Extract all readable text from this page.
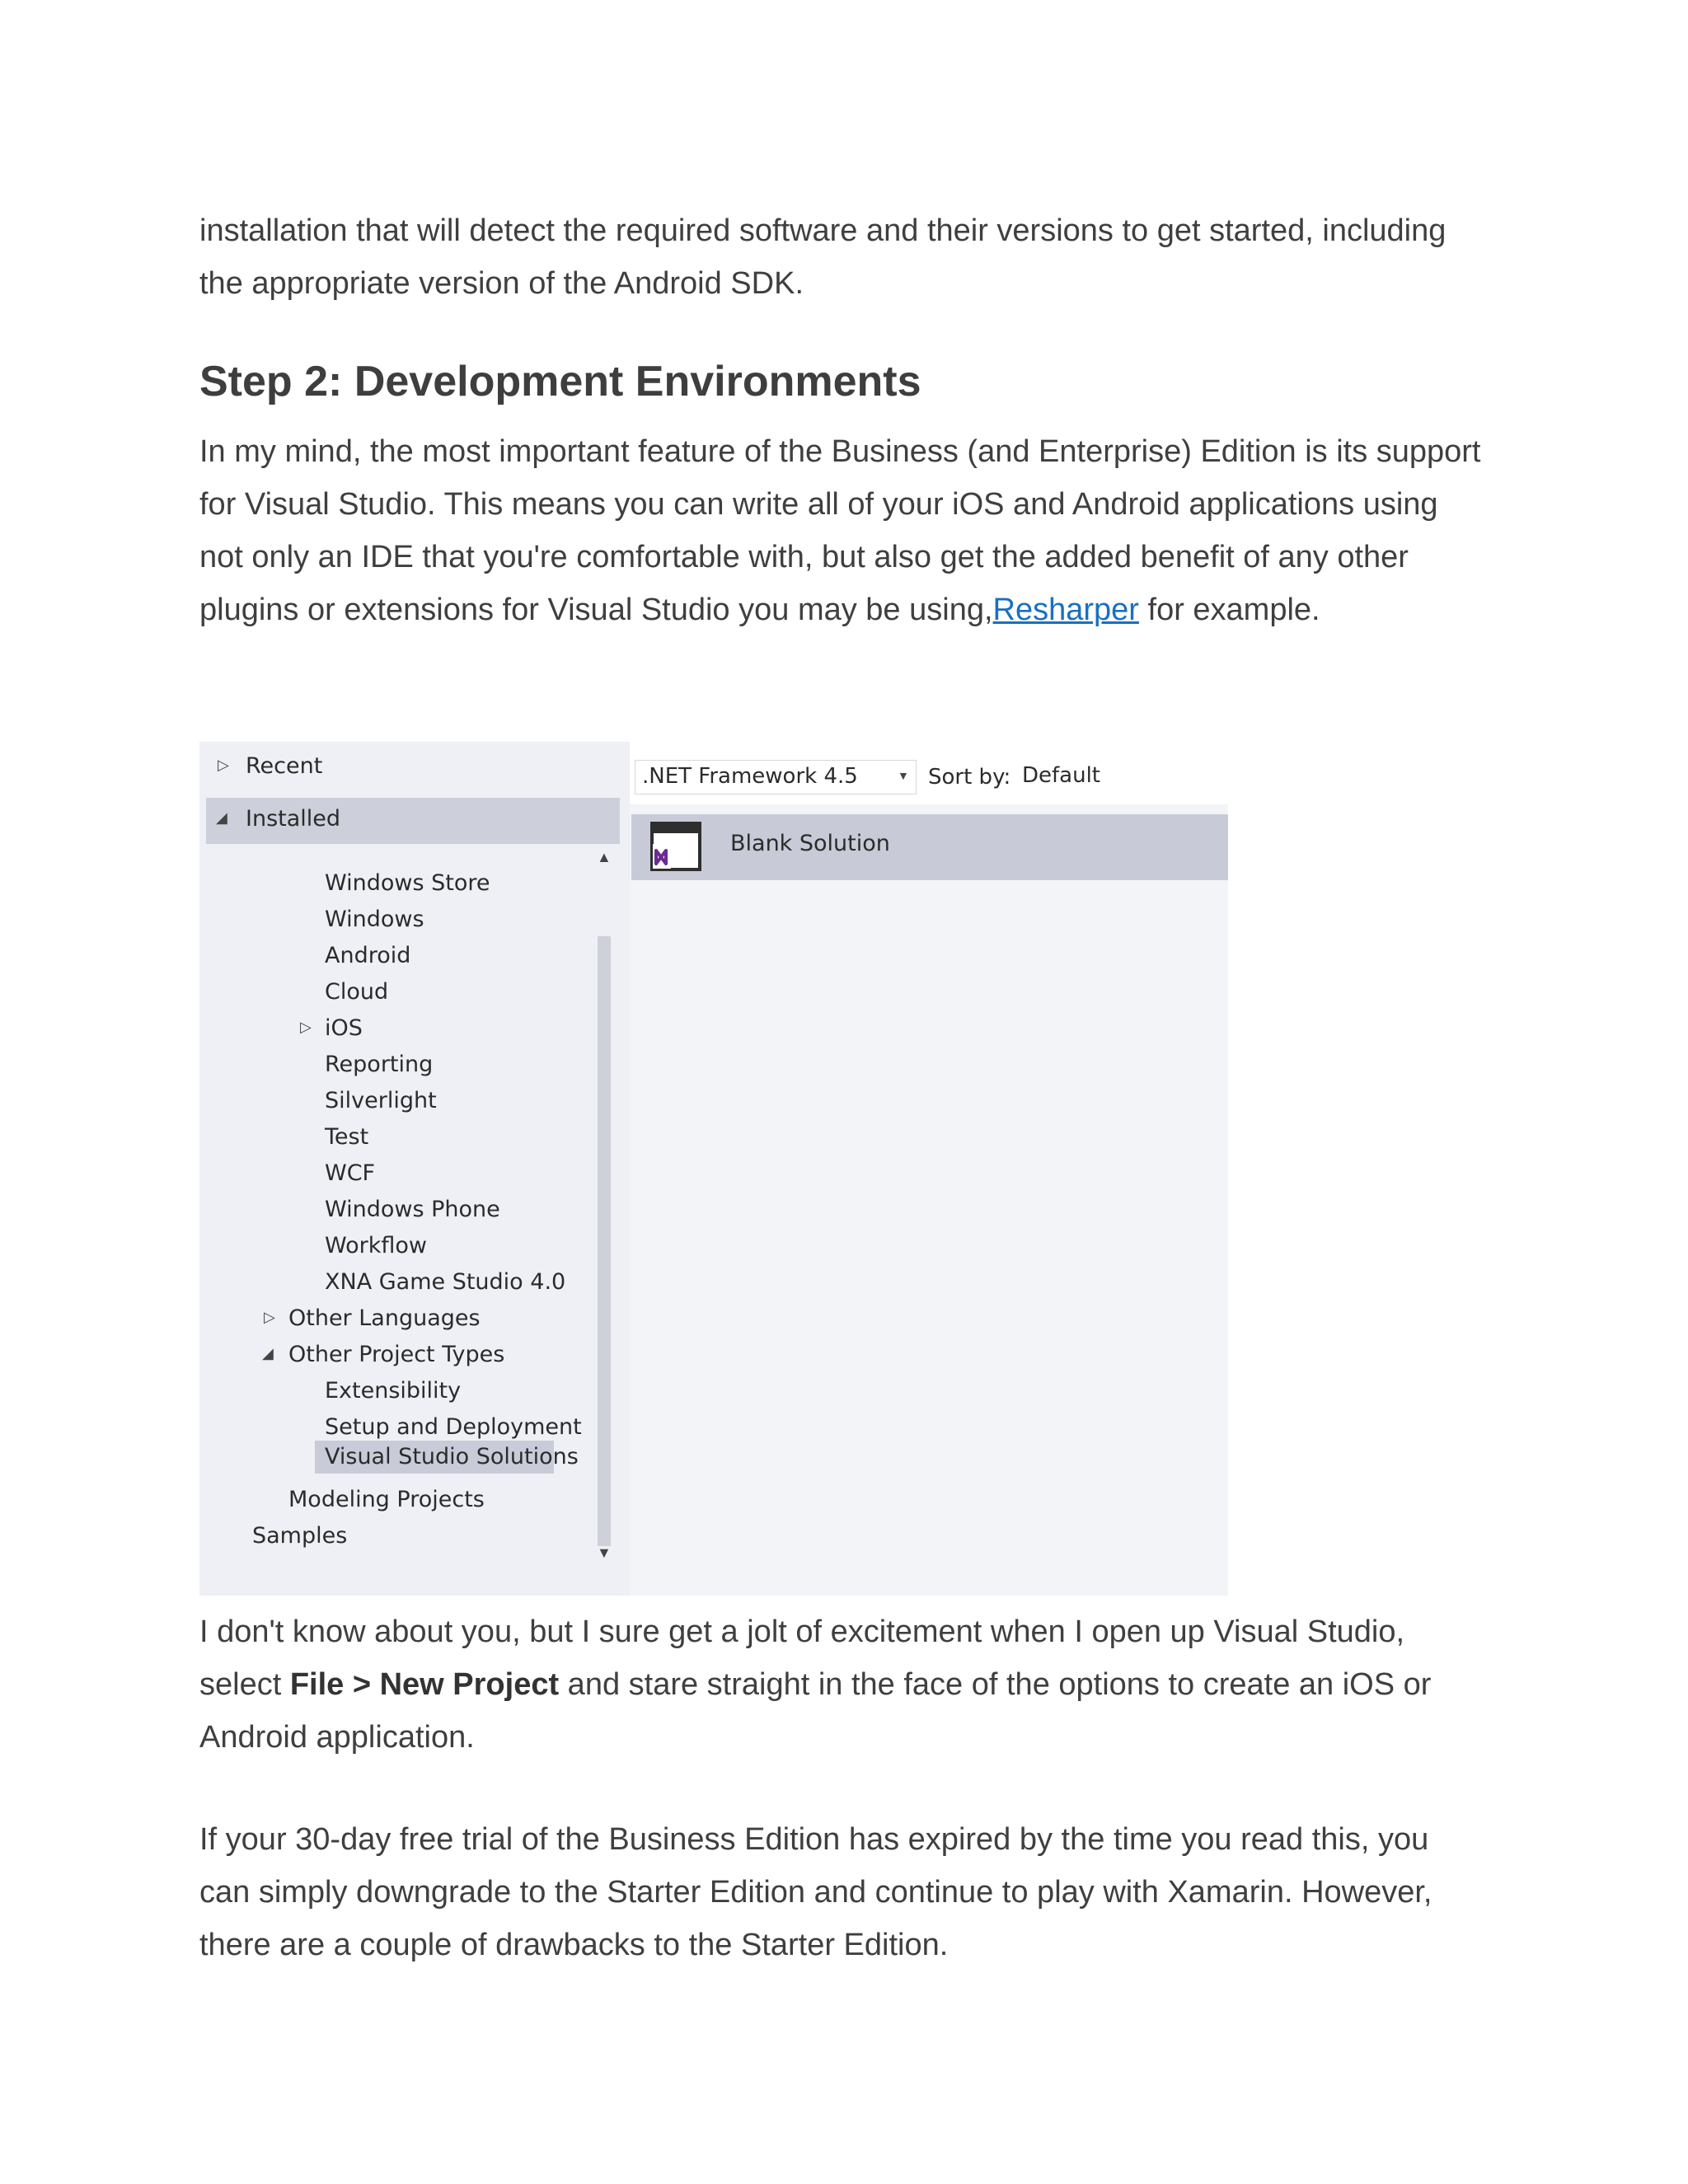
installation that will detect the required software and their versions to get started, including the appropriate version of the Android SDK.

Step 2: Development Environments

In my mind, the most important feature of the Business (and Enterprise) Edition is its support for Visual Studio. This means you can write all of your iOS and Android applications using not only an IDE that you're comfortable with, but also get the added benefit of any other plugins or extensions for Visual Studio you may be using,Resharper for example.

▷ Recent
◢ Installed
Windows Store
Windows
Android
Cloud
▷ iOS
Reporting
Silverlight
Test
WCF
Windows Phone
Workflow
XNA Game Studio 4.0
▷ Other Languages
◢ Other Project Types
Extensibility
Setup and Deployment
Visual Studio Solutions
Modeling Projects
Samples
▲
▼
.NET Framework 4.5	▼ Sort by: Default
Blank Solution

I don't know about you, but I sure get a jolt of excitement when I open up Visual Studio, select File > New Project and stare straight in the face of the options to create an iOS or Android application.

If your 30-day free trial of the Business Edition has expired by the time you read this, you can simply downgrade to the Starter Edition and continue to play with Xamarin. However, there are a couple of drawbacks to the Starter Edition.
